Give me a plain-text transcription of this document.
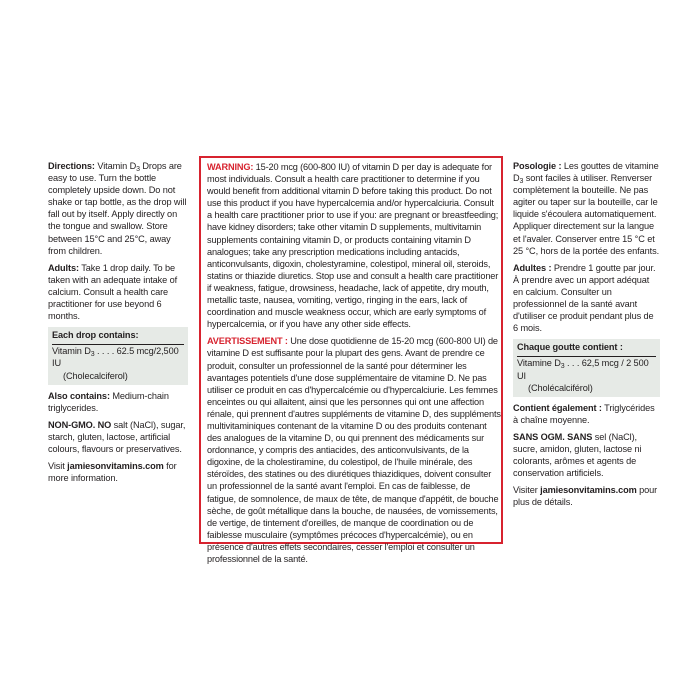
Directions: Vitamin $D_3$ Drops are easy to use. Turn the bottle completely upside down. Do not shake or tap bottle, as the drop will fall out by itself. Apply directly on the tongue and swallow. Store between 15°C and 25°C, away from children.

Adults: Take 1 drop daily. To be taken with an adequate intake of calcium. Consult a health care practitioner for use beyond 6 months.

Each drop contains:
Vitamin $D_3$ . . . . 62.5 mcg/2,500 IU
(Cholecalciferol)

Also contains: Medium-chain triglycerides.

NON-GMO. NO salt (NaCl), sugar, starch, gluten, lactose, artificial colours, flavours or preservatives.

Visit jamiesonvitamins.com for more information.

WARNING: 15-20 mcg (600-800 IU) of vitamin D per day is adequate for most individuals. Consult a health care practitioner to determine if you would benefit from additional vitamin D before taking this product. Do not use this product if you have hypercalcemia and/or hypercalciuria. Consult a health care practitioner prior to use if you: are pregnant or breastfeeding; have kidney disorders; take other vitamin D supplements, multivitamin supplements containing vitamin D, or products containing vitamin D analogues; take any prescription medications including antacids, anticonvulsants, digoxin, cholestyramine, colestipol, mineral oil, steroids, statins or thiazide diuretics. Stop use and consult a health care practitioner if weakness, fatigue, drowsiness, headache, lack of appetite, dry mouth, metallic taste, nausea, vomiting, vertigo, ringing in the ears, lack of coordination and muscle weakness occur, which are early symptoms of hypercalcemia, or if you have any other side effects.

AVERTISSEMENT : Une dose quotidienne de 15-20 mcg (600-800 UI) de vitamine D est suffisante pour la plupart des gens. Avant de prendre ce produit, consulter un professionnel de la santé pour déterminer les avantages potentiels d'une dose supplémentaire de vitamine D. Ne pas utiliser ce produit en cas d'hypercalcémie ou d'hypercalciurie. Les femmes enceintes ou qui allaitent, ainsi que les personnes qui ont une affection rénale, qui prennent d'autres suppléments de vitamine D, des suppléments multivitaminiques contenant de la vitamine D ou des produits contenant des analogues de la vitamine D, ou qui prennent des médicaments sur ordonnance, y compris des antiacides, des anticonvulsivants, de la digoxine, de la cholestiramine, du colestipol, de l'huile minérale, des stéroïdes, des statines ou des diurétiques thiazidiques, doivent consulter un professionnel de la santé avant l'emploi. En cas de faiblesse, de fatigue, de somnolence, de maux de tête, de manque d'appétit, de bouche sèche, de goût métallique dans la bouche, de nausées, de vomissements, de vertige, de tintement d'oreilles, de manque de coordination ou de faiblesse musculaire (symptômes précoces d'hypercalcémie), ou en présence d'autres effets secondaires, cesser l'emploi et consulter un professionnel de la santé.

Posologie : Les gouttes de vitamine $D_3$ sont faciles à utiliser. Renverser complètement la bouteille. Ne pas agiter ou taper sur la bouteille, car le liquide s'écoulera automatiquement. Appliquer directement sur la langue et l'avaler. Conserver entre 15 °C et 25 °C, hors de la portée des enfants.

Adultes : Prendre 1 goutte par jour. À prendre avec un apport adéquat en calcium. Consulter un professionnel de la santé avant d'utiliser ce produit pendant plus de 6 mois.

Chaque goutte contient :
Vitamine $D_3$ . . . 62,5 mcg / 2 500 UI
(Cholécalciférol)

Contient également : Triglycérides à chaîne moyenne.

SANS OGM. SANS sel (NaCl), sucre, amidon, gluten, lactose ni colorants, arômes et agents de conservation artificiels.

Visiter jamiesonvitamins.com pour plus de détails.
